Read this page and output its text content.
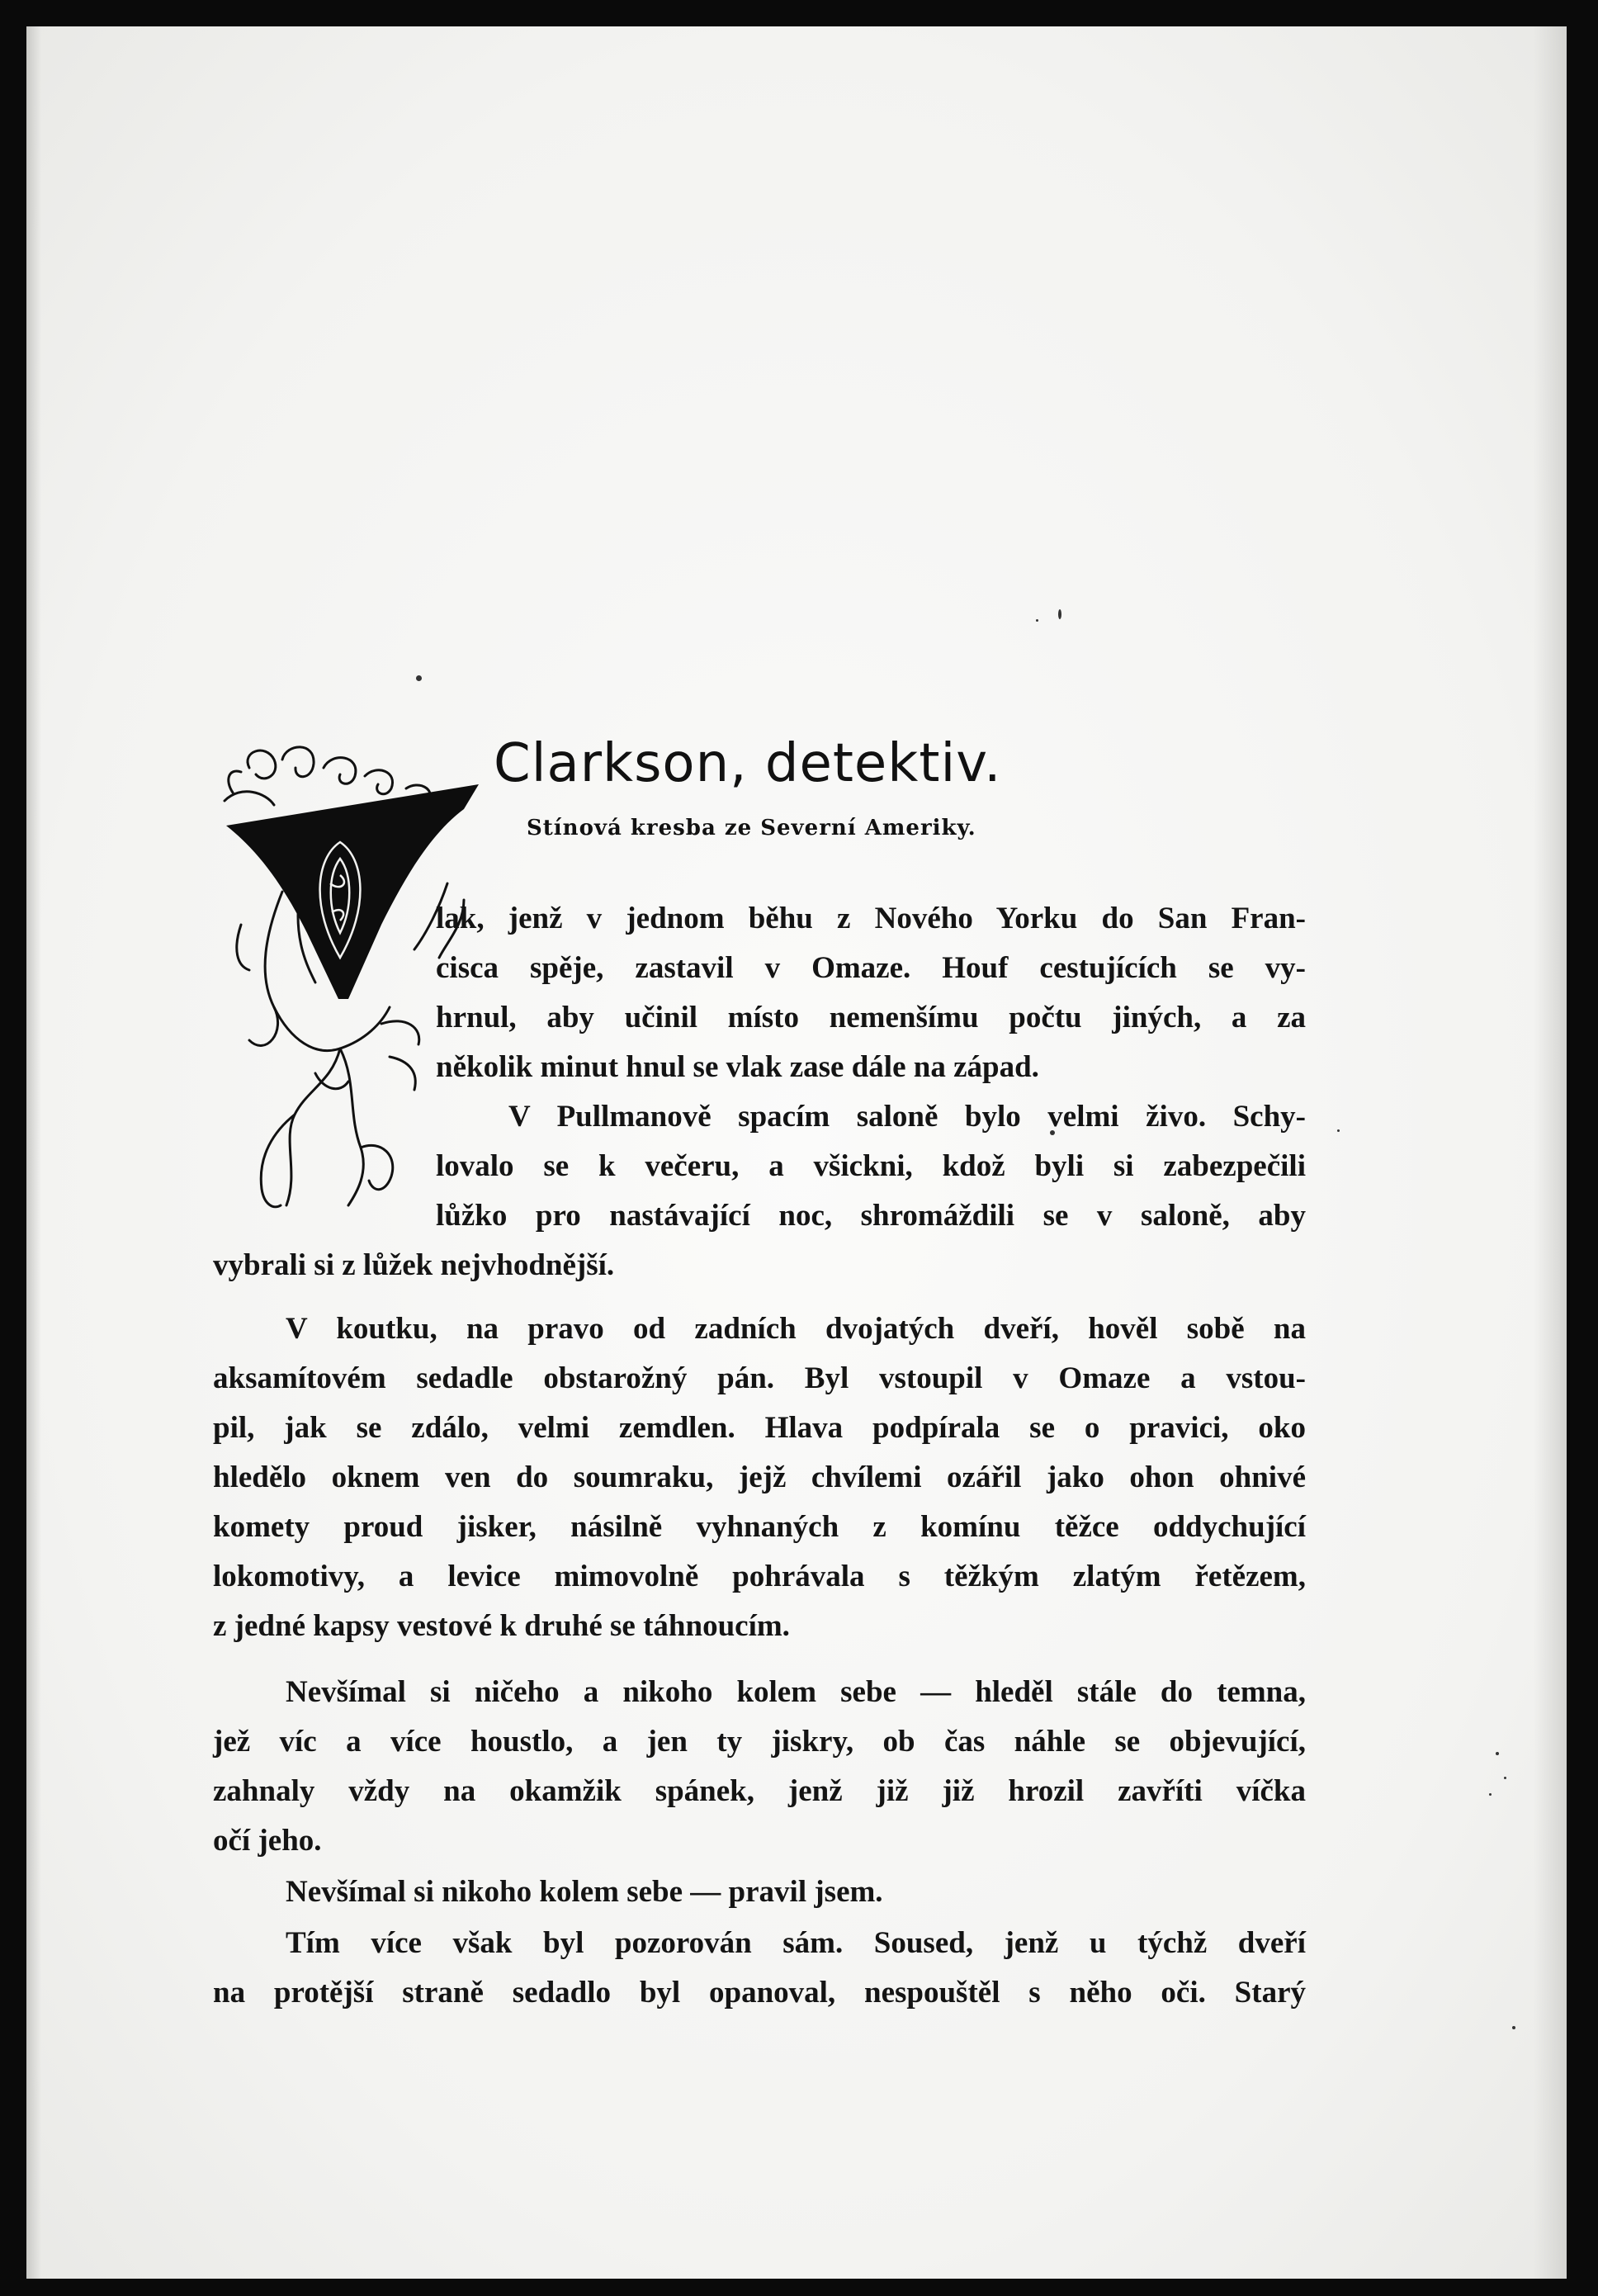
Clarkson, detektiv.
Stínová kresba ze Severní Ameriky.
lak, jenž v jednom běhu z Nového Yorku do San Fran-
cisca spěje, zastavil v Omaze. Houf cestujících se vy-
hrnul, aby učinil místo nemenšímu počtu jiných, a za
několik minut hnul se vlak zase dále na západ.
V Pullmanově spacím saloně bylo velmi živo. Schy-
lovalo se k večeru, a všickni, kdož byli si zabezpečili
lůžko pro nastávající noc, shromáždili se v saloně, aby
vybrali si z lůžek nejvhodnější.
V koutku, na pravo od zadních dvojatých dveří, hověl sobě na
aksamítovém sedadle obstarožný pán. Byl vstoupil v Omaze a vstou-
pil, jak se zdálo, velmi zemdlen. Hlava podpírala se o pravici, oko
hledělo oknem ven do soumraku, jejž chvílemi ozářil jako ohon ohnivé
komety proud jisker, násilně vyhnaných z komínu těžce oddychující
lokomotivy, a levice mimovolně pohrávala s těžkým zlatým řetězem,
z jedné kapsy vestové k druhé se táhnoucím.
Nevšímal si ničeho a nikoho kolem sebe — hleděl stále do temna,
jež víc a více houstlo, a jen ty jiskry, ob čas náhle se objevující,
zahnaly vždy na okamžik spánek, jenž již již hrozil zavříti víčka
očí jeho.
Nevšímal si nikoho kolem sebe — pravil jsem.
Tím více však byl pozorován sám. Soused, jenž u týchž dveří
na protější straně sedadlo byl opanoval, nespouštěl s něho oči. Starý
